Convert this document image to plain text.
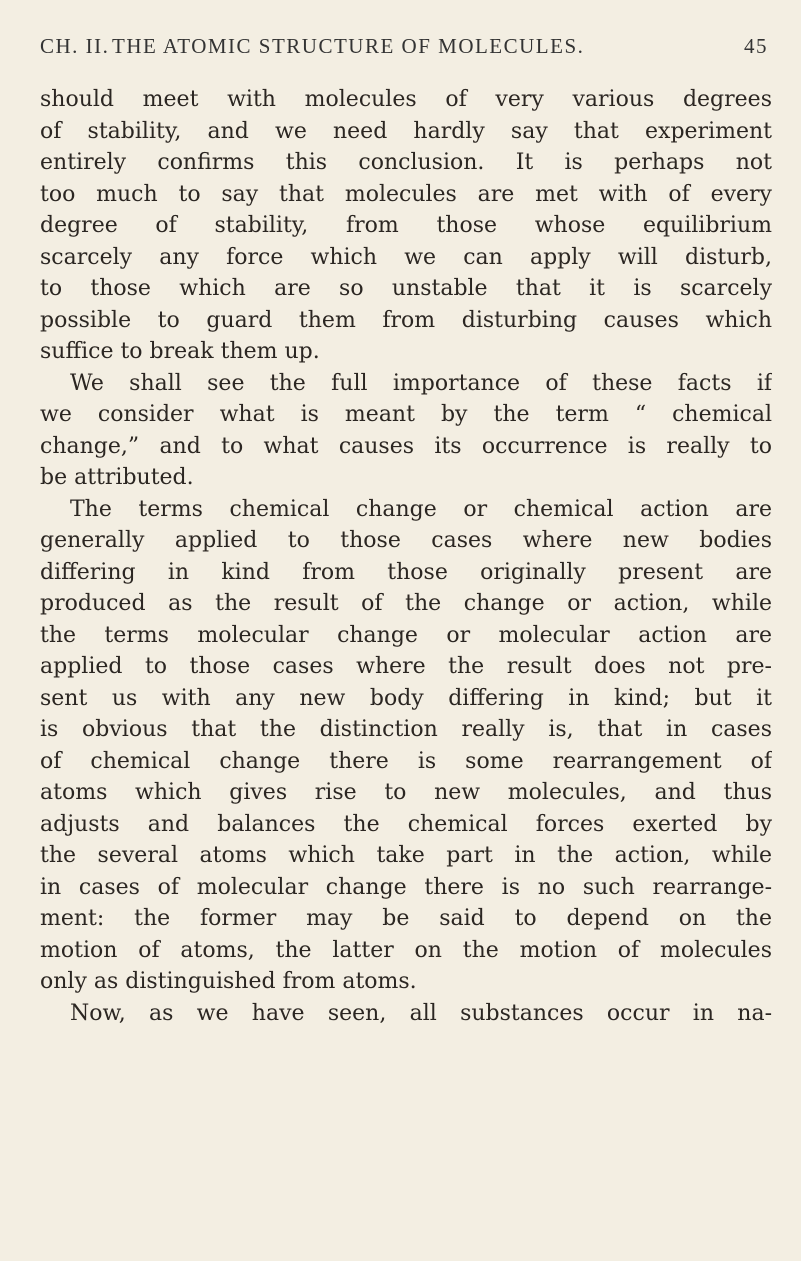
CH. II. THE ATOMIC STRUCTURE OF MOLECULES.	45
should meet with molecules of very various degrees
of stability, and we need hardly say that experiment
entirely confirms this conclusion. It is perhaps not
too much to say that molecules are met with of every
degree of stability, from those whose equilibrium
scarcely any force which we can apply will disturb,
to those which are so unstable that it is scarcely
possible to guard them from disturbing causes which
suffice to break them up.
We shall see the full importance of these facts if
we consider what is meant by the term “ chemical
change,” and to what causes its occurrence is really to
be attributed.
The terms chemical change or chemical action are
generally applied to those cases where new bodies
differing in kind from those originally present are
produced as the result of the change or action, while
the terms molecular change or molecular action are
applied to those cases where the result does not pre-
sent us with any new body differing in kind; but it
is obvious that the distinction really is, that in cases
of chemical change there is some rearrangement of
atoms which gives rise to new molecules, and thus
adjusts and balances the chemical forces exerted by
the several atoms which take part in the action, while
in cases of molecular change there is no such rearrange-
ment: the former may be said to depend on the
motion of atoms, the latter on the motion of molecules
only as distinguished from atoms.
Now, as we have seen, all substances occur in na-
